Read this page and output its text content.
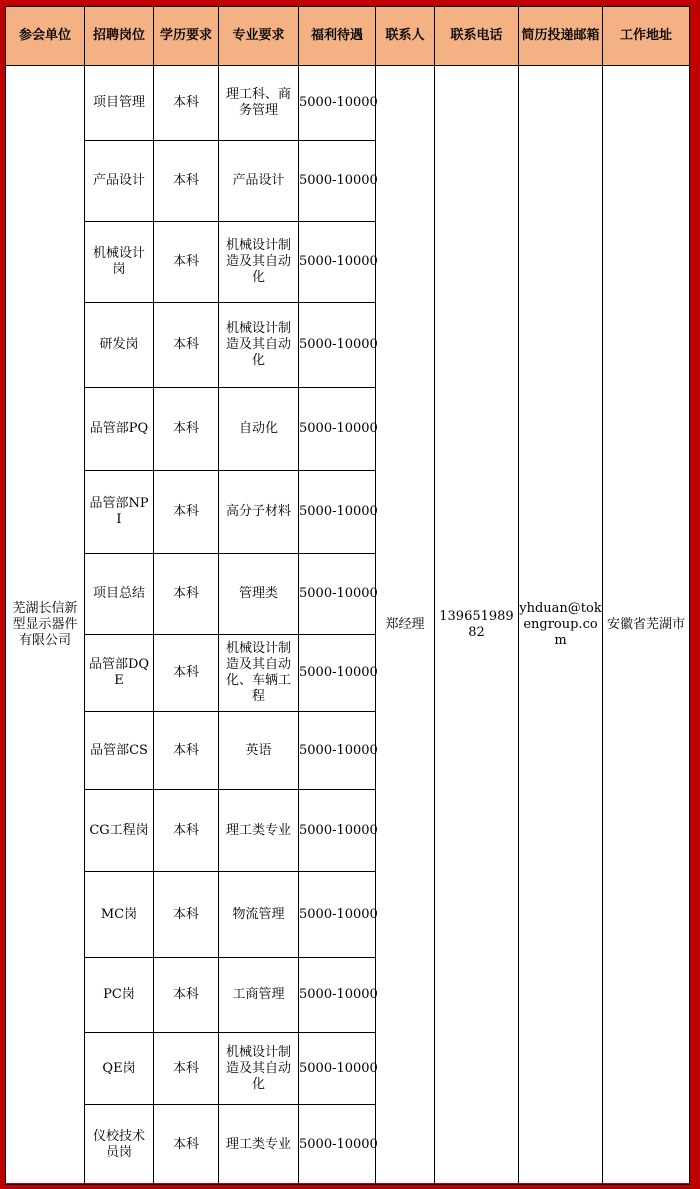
参会单位	招聘岗位	学历要求	专业要求	福利待遇	联系人	联系电话	简历投递邮箱	工作地址
芜湖长信新型显示器件有限公司	项目管理	本科	理工科、商务管理	5000-10000	郑经理	13965198982	yhduan@tokengroup.com	安徽省芜湖市
	产品设计	本科	产品设计	5000-10000				
	机械设计岗	本科	机械设计制造及其自动化	5000-10000				
	研发岗	本科	机械设计制造及其自动化	5000-10000				
	品管部PQ	本科	自动化	5000-10000				
	品管部NPI	本科	高分子材料	5000-10000				
	项目总结	本科	管理类	5000-10000				
	品管部DQE	本科	机械设计制造及其自动化、车辆工程	5000-10000				
	品管部CS	本科	英语	5000-10000				
	CG工程岗	本科	理工类专业	5000-10000				
	MC岗	本科	物流管理	5000-10000				
	PC岗	本科	工商管理	5000-10000				
	QE岗	本科	机械设计制造及其自动化	5000-10000				
	仪校技术员岗	本科	理工类专业	5000-10000				
